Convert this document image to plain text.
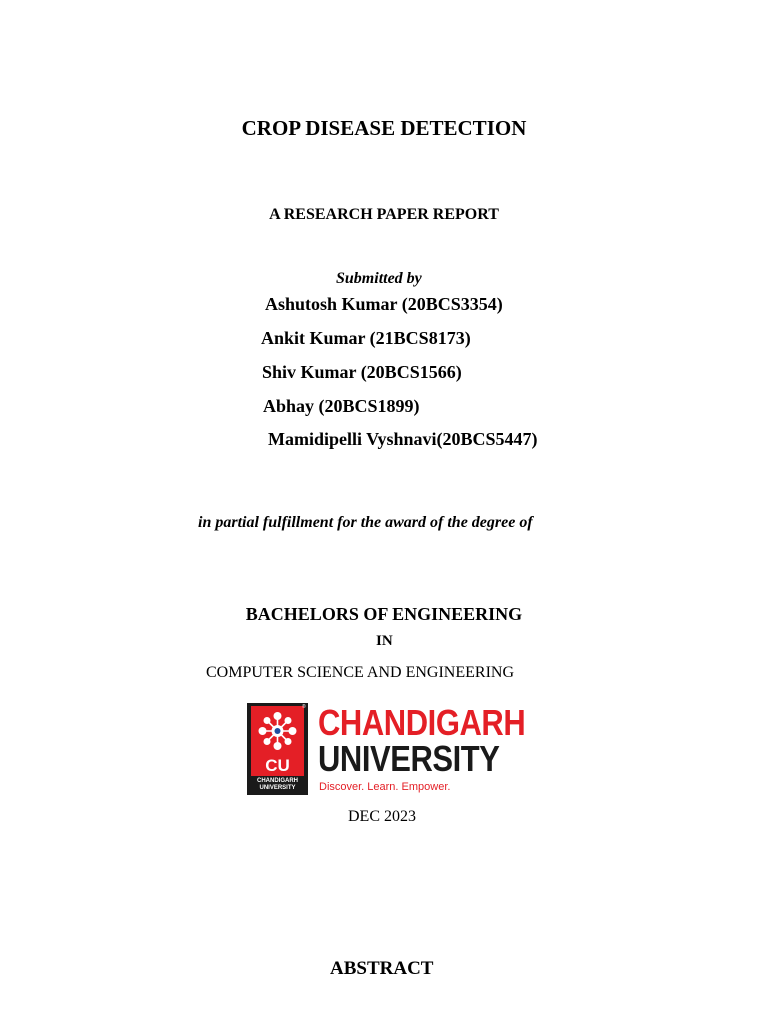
CROP DISEASE DETECTION
A RESEARCH PAPER REPORT
Submitted by
Ashutosh Kumar (20BCS3354)
Ankit Kumar (21BCS8173)
Shiv Kumar (20BCS1566)
Abhay (20BCS1899)
Mamidipelli Vyshnavi(20BCS5447)
in partial fulfillment for the award of the degree of
BACHELORS OF ENGINEERING
IN
COMPUTER SCIENCE AND ENGINEERING
®
CU
CHANDIGARH
UNIVERSITY
CHANDIGARH
UNIVERSITY
Discover. Learn. Empower.
DEC 2023
ABSTRACT
